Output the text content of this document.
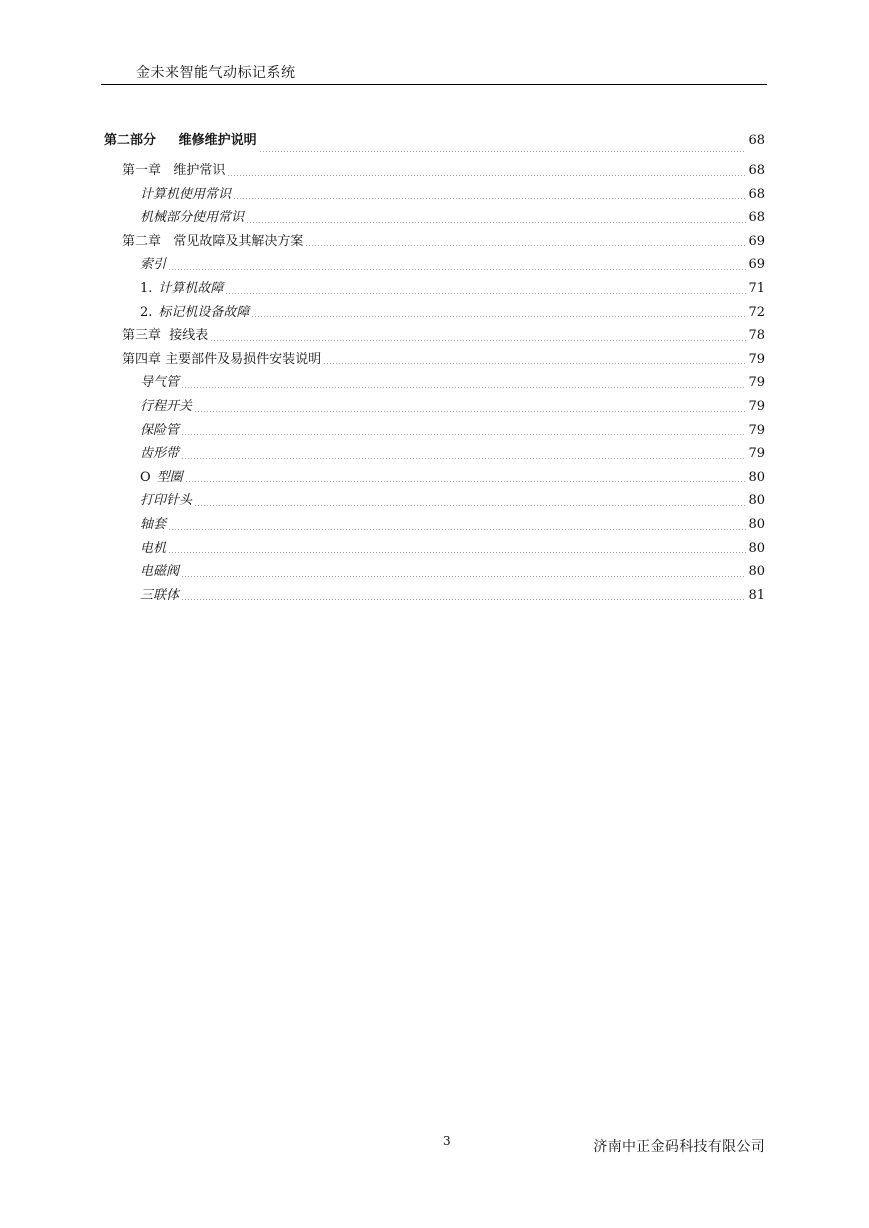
金未来智能气动标记系统
第二部分     维修维护说明	68
第一章   维护常识	68
计算机使用常识	68
机械部分使用常识	68
第二章   常见故障及其解决方案	69
索引	69
1. 计算机故障	71
2. 标记机设备故障	72
第三章  接线表	78
第四章 主要部件及易损件安装说明	79
导气管	79
行程开关	79
保险管	79
齿形带	79
O 型圈	80
打印针头	80
轴套	80
电机	80
电磁阀	80
三联体	81
3	济南中正金码科技有限公司
